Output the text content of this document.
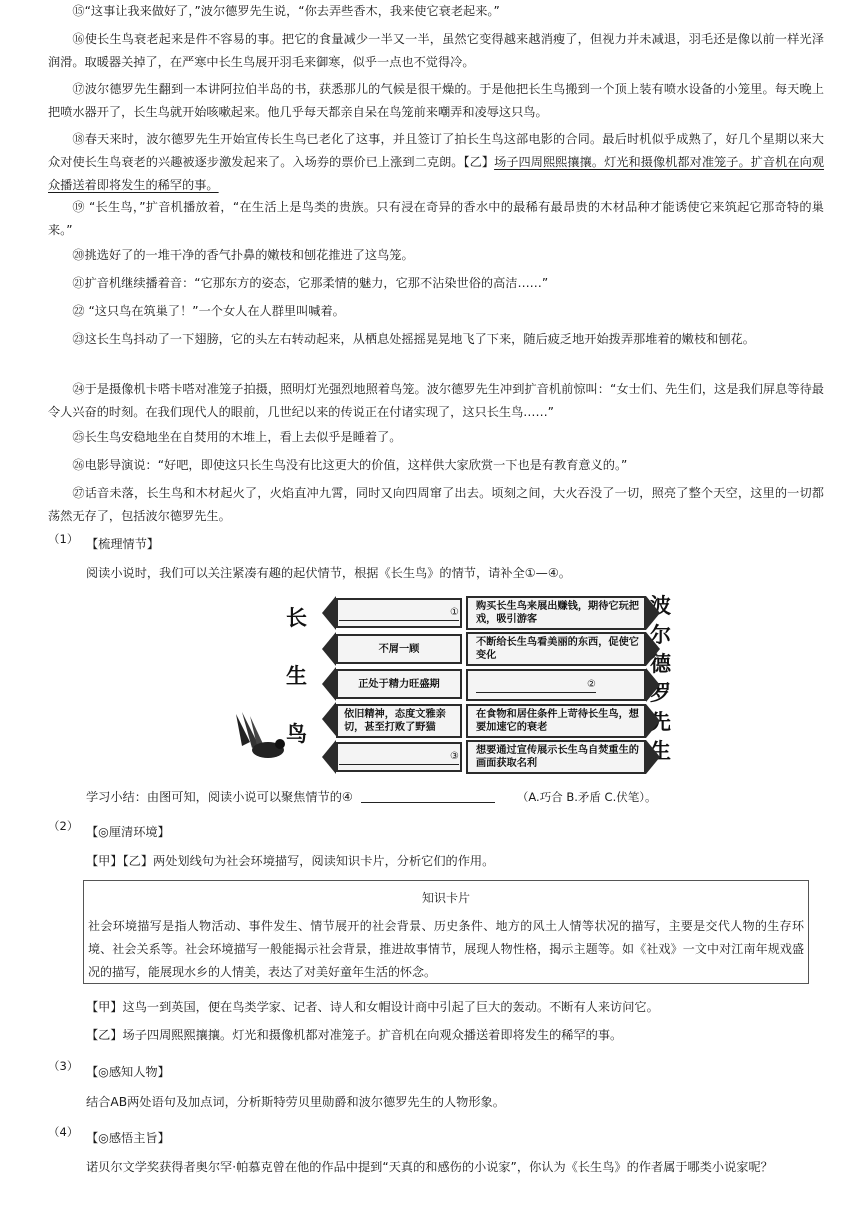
⑮“这事让我来做好了，”波尔德罗先生说，“你去弄些香木，我来使它衰老起来。”

⑯使长生鸟衰老起来是件不容易的事。把它的食量减少一半又一半，虽然它变得越来越消瘦了，但视力并未减退，羽毛还是像以前一样光泽润滑。取暖器关掉了，在严寒中长生鸟展开羽毛来御寒，似乎一点也不觉得冷。

⑰波尔德罗先生翻到一本讲阿拉伯半岛的书，获悉那儿的气候是很干燥的。于是他把长生鸟搬到一个顶上装有喷水设备的小笼里。每天晚上把喷水器开了，长生鸟就开始咳嗽起来。他几乎每天都亲自呆在鸟笼前来嘲弄和凌辱这只鸟。

⑱春天来时，波尔德罗先生开始宣传长生鸟已老化了这事，并且签订了拍长生鸟这部电影的合同。最后时机似乎成熟了，好几个星期以来大众对使长生鸟衰老的兴趣被逐步激发起来了。入场券的票价已上涨到二克朗。【乙】场子四周熙熙攘攘。灯光和摄像机都对准笼子。扩音机在向观众播送着即将发生的稀罕的事。

⑲ “长生鸟，”扩音机播放着，“在生活上是鸟类的贵族。只有浸在奇异的香水中的最稀有最昂贵的木材品种才能诱使它来筑起它那奇特的巢来。”

⑳挑选好了的一堆干净的香气扑鼻的嫩枝和刨花推进了这鸟笼。

㉑扩音机继续播着音：“它那东方的姿态，它那柔情的魅力，它那不沾染世俗的高洁……”

㉒ “这只鸟在筑巢了！”一个女人在人群里叫喊着。

㉓这长生鸟抖动了一下翅膀，它的头左右转动起来，从栖息处摇摇晃晃地飞了下来，随后疲乏地开始拨弄那堆着的嫩枝和刨花。

㉔于是摄像机卡嗒卡嗒对准笼子拍摄，照明灯光强烈地照着鸟笼。波尔德罗先生冲到扩音机前惊叫：“女士们、先生们，这是我们屏息等待最令人兴奋的时刻。在我们现代人的眼前，几世纪以来的传说正在付诸实现了，这只长生鸟……”

㉕长生鸟安稳地坐在自焚用的木堆上，看上去似乎是睡着了。

㉖电影导演说：“好吧，即使这只长生鸟没有比这更大的价值，这样供大家欣赏一下也是有教育意义的。”

㉗话音未落，长生鸟和木材起火了，火焰直冲九霄，同时又向四周窜了出去。顷刻之间，大火吞没了一切，照亮了整个天空，这里的一切都荡然无存了，包括波尔德罗先生。

（1） 【梳理情节】

阅读小说时，我们可以关注紧凑有趣的起伏情节，根据《长生鸟》的情节，请补全①—④。

长
生
鸟
波
尔
德
罗
先
生
①
不屑一顾
正处于精力旺盛期
依旧精神，态度文雅亲切，甚至打败了野猫
③
购买长生鸟来展出赚钱，期待它玩把戏，吸引游客
不断给长生鸟看美丽的东西，促使它变化
②
在食物和居住条件上苛待长生鸟，想要加速它的衰老
想要通过宣传展示长生鸟自焚重生的画面获取名利

学习小结：由图可知，阅读小说可以聚焦情节的④	（A.巧合 B.矛盾 C.伏笔）。

（2） 【◎厘清环境】

【甲】【乙】两处划线句为社会环境描写，阅读知识卡片，分析它们的作用。

知识卡片

社会环境描写是指人物活动、事件发生、情节展开的社会背景、历史条件、地方的风土人情等状况的描写，主要是交代人物的生存环境、社会关系等。社会环境描写一般能揭示社会背景，推进故事情节，展现人物性格，揭示主题等。如《社戏》一文中对江南年规戏盛况的描写，能展现水乡的人情美，表达了对美好童年生活的怀念。

【甲】这鸟一到英国，便在鸟类学家、记者、诗人和女帽设计商中引起了巨大的轰动。不断有人来访问它。

【乙】场子四周熙熙攘攘。灯光和摄像机都对准笼子。扩音机在向观众播送着即将发生的稀罕的事。

（3） 【◎感知人物】

结合AB两处语句及加点词，分析斯特劳贝里勋爵和波尔德罗先生的人物形象。

（4） 【◎感悟主旨】

诺贝尔文学奖获得者奥尔罕·帕慕克曾在他的作品中提到“天真的和感伤的小说家”，你认为《长生鸟》的作者属于哪类小说家呢？
